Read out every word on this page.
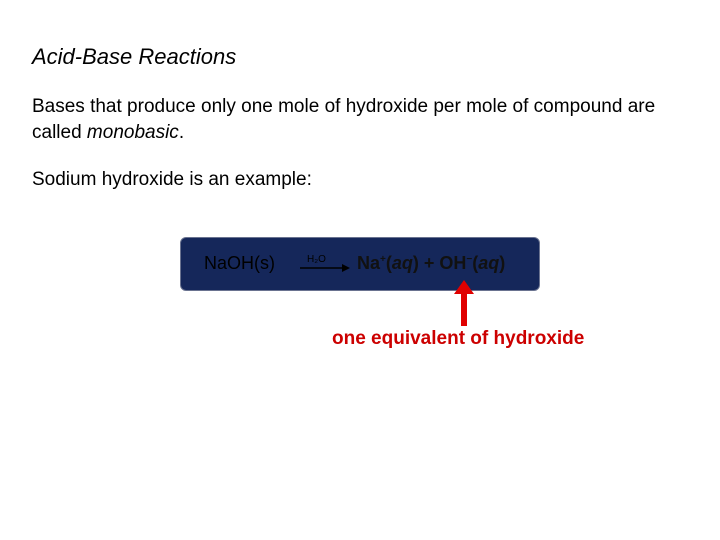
Acid-Base Reactions
Bases that produce only one mole of hydroxide per mole of compound are called monobasic.
Sodium hydroxide is an example:
NaOH(s)	H₂O Na+(aq) + OH−(aq)
one equivalent of hydroxide
